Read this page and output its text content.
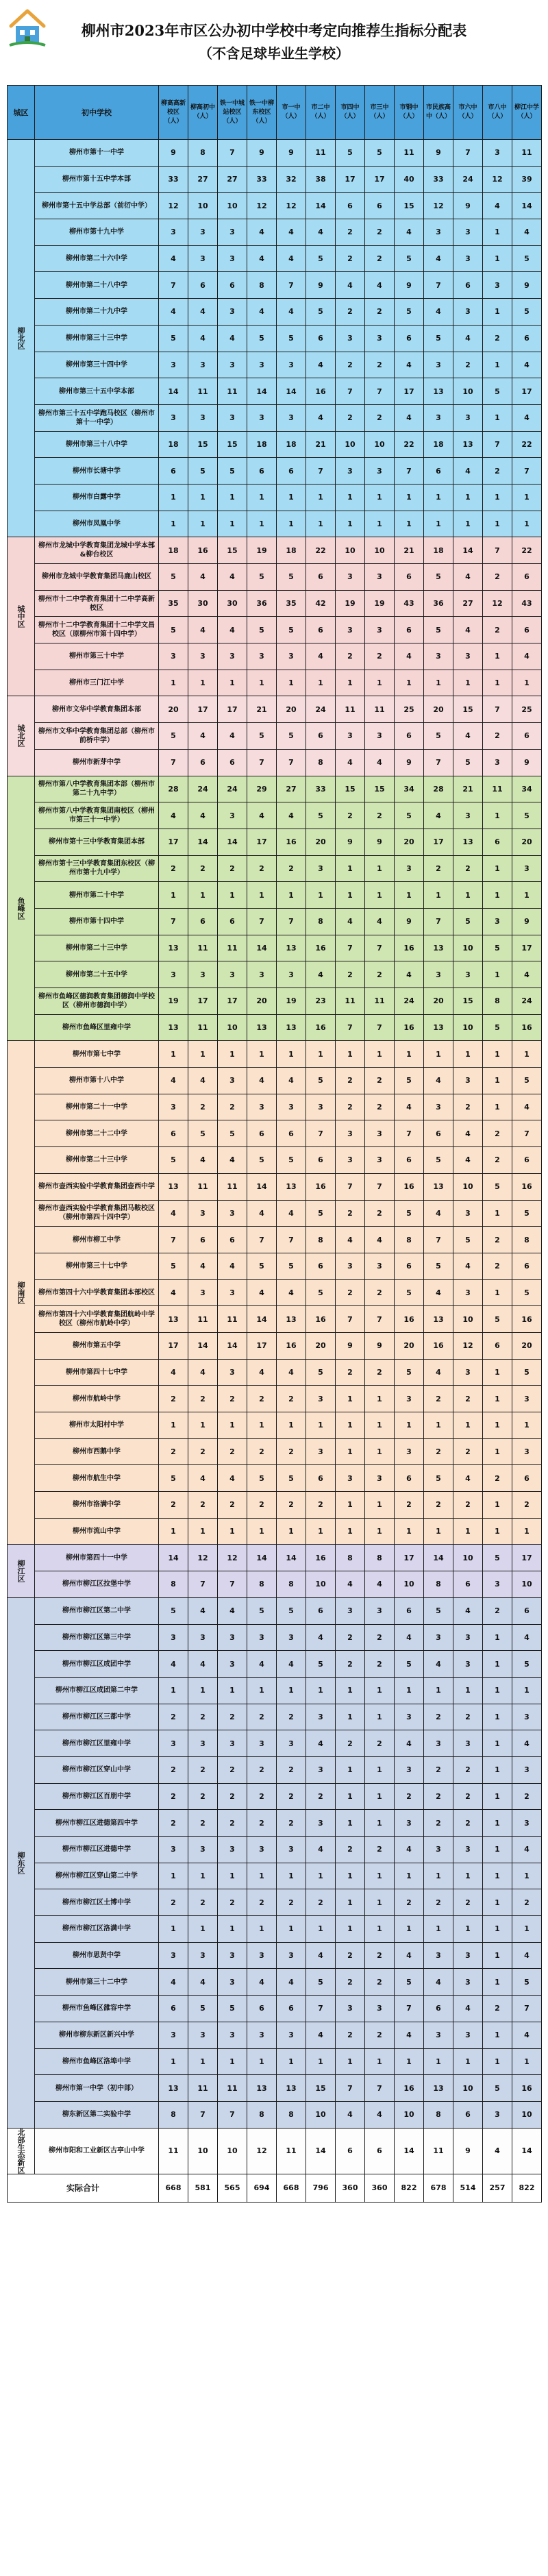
柳州市2023年市区公办初中学校中考定向推荐生指标分配表
（不含足球毕业生学校）
城区	初中学校	柳高高新校区（人）	柳高初中（人）	铁一中城站校区（人）	铁一中柳东校区（人）	市一中（人）	市二中（人）	市四中（人）	市三中（人）	市钢中（人）	市民族高中（人）	市六中（人）	市八中（人）	柳江中学（人）
柳北区	柳州市第十一中学	9	8	7	9	9	11	5	5	11	9	7	3	11
	柳州市第十五中学本部	33	27	27	33	32	38	17	17	40	33	24	12	39
	柳州市第十五中学总部（前衍中学）	12	10	10	12	12	14	6	6	15	12	9	4	14
	柳州市第十九中学	3	3	3	4	4	4	2	2	4	3	3	1	4
	柳州市第二十六中学	4	3	3	4	4	5	2	2	5	4	3	1	5
	柳州市第二十八中学	7	6	6	8	7	9	4	4	9	7	6	3	9
	柳州市第二十九中学	4	4	3	4	4	5	2	2	5	4	3	1	5
	柳州市第三十三中学	5	4	4	5	5	6	3	3	6	5	4	2	6
	柳州市第三十四中学	3	3	3	3	3	4	2	2	4	3	2	1	4
	柳州市第三十五中学本部	14	11	11	14	14	16	7	7	17	13	10	5	17
	柳州市第三十五中学跑马校区（柳州市第十一中学）	3	3	3	3	3	4	2	2	4	3	3	1	4
	柳州市第三十八中学	18	15	15	18	18	21	10	10	22	18	13	7	22
	柳州市长塘中学	6	5	5	6	6	7	3	3	7	6	4	2	7
	柳州市白露中学	1	1	1	1	1	1	1	1	1	1	1	1	1
	柳州市凤凰中学	1	1	1	1	1	1	1	1	1	1	1	1	1
城中区	柳州市龙城中学教育集团龙城中学本部&柳台校区	18	16	15	19	18	22	10	10	21	18	14	7	22
	柳州市龙城中学教育集团马鹿山校区	5	4	4	5	5	6	3	3	6	5	4	2	6
	柳州市十二中学教育集团十二中学高新校区	35	30	30	36	35	42	19	19	43	36	27	12	43
	柳州市十二中学教育集团十二中学文昌校区（原柳州市第十四中学）	5	4	4	5	5	6	3	3	6	5	4	2	6
	柳州市第三十中学	3	3	3	3	3	4	2	2	4	3	3	1	4
	柳州市三门江中学	1	1	1	1	1	1	1	1	1	1	1	1	1
城北区	柳州市文华中学教育集团本部	20	17	17	21	20	24	11	11	25	20	15	7	25
	柳州市文华中学教育集团总部（柳州市前桥中学）	5	4	4	5	5	6	3	3	6	5	4	2	6
	柳州市新芽中学	7	6	6	7	7	8	4	4	9	7	5	3	9
鱼峰区	柳州市第八中学教育集团本部（柳州市第二十九中学）	28	24	24	29	27	33	15	15	34	28	21	11	34
	柳州市第八中学教育集团南校区（柳州市第三十一中学）	4	4	3	4	4	5	2	2	5	4	3	1	5
	柳州市第十三中学教育集团本部	17	14	14	17	16	20	9	9	20	17	13	6	20
	柳州市第十三中学教育集团东校区（柳州市第十九中学）	2	2	2	2	2	3	1	1	3	2	2	1	3
	柳州市第二十中学	1	1	1	1	1	1	1	1	1	1	1	1	1
	柳州市第十四中学	7	6	6	7	7	8	4	4	9	7	5	3	9
	柳州市第二十三中学	13	11	11	14	13	16	7	7	16	13	10	5	17
	柳州市第二十五中学	3	3	3	3	3	4	2	2	4	3	3	1	4
	柳州市鱼峰区德润教育集团德润中学校区（柳州市德润中学）	19	17	17	20	19	23	11	11	24	20	15	8	24
	柳州市鱼峰区里雍中学	13	11	10	13	13	16	7	7	16	13	10	5	16
柳南区	柳州市第七中学	1	1	1	1	1	1	1	1	1	1	1	1	1
	柳州市第十八中学	4	4	3	4	4	5	2	2	5	4	3	1	5
	柳州市第二十一中学	3	2	2	3	3	3	2	2	4	3	2	1	4
	柳州市第二十二中学	6	5	5	6	6	7	3	3	7	6	4	2	7
	柳州市第二十三中学	5	4	4	5	5	6	3	3	6	5	4	2	6
	柳州市壶西实验中学教育集团壶西中学	13	11	11	14	13	16	7	7	16	13	10	5	16
	柳州市壶西实验中学教育集团马鞍校区（柳州市第四十四中学）	4	3	3	4	4	5	2	2	5	4	3	1	5
	柳州市柳工中学	7	6	6	7	7	8	4	4	8	7	5	2	8
	柳州市第三十七中学	5	4	4	5	5	6	3	3	6	5	4	2	6
	柳州市第四十六中学教育集团本部校区	4	3	3	4	4	5	2	2	5	4	3	1	5
	柳州市第四十六中学教育集团航岭中学校区（柳州市航岭中学）	13	11	11	14	13	16	7	7	16	13	10	5	16
	柳州市第五中学	17	14	14	17	16	20	9	9	20	16	12	6	20
	柳州市第四十七中学	4	4	3	4	4	5	2	2	5	4	3	1	5
	柳州市航岭中学	2	2	2	2	2	3	1	1	3	2	2	1	3
	柳州市太阳村中学	1	1	1	1	1	1	1	1	1	1	1	1	1
	柳州市西鹅中学	2	2	2	2	2	3	1	1	3	2	2	1	3
	柳州市航生中学	5	4	4	5	5	6	3	3	6	5	4	2	6
	柳州市洛满中学	2	2	2	2	2	2	1	1	2	2	2	1	2
	柳州市流山中学	1	1	1	1	1	1	1	1	1	1	1	1	1
柳江区	柳州市第四十一中学	14	12	12	14	14	16	8	8	17	14	10	5	17
	柳州市柳江区拉堡中学	8	7	7	8	8	10	4	4	10	8	6	3	10
柳东区	柳州市柳江区第二中学	5	4	4	5	5	6	3	3	6	5	4	2	6
	柳州市柳江区第三中学	3	3	3	3	3	4	2	2	4	3	3	1	4
	柳州市柳江区成团中学	4	4	3	4	4	5	2	2	5	4	3	1	5
	柳州市柳江区成团第二中学	1	1	1	1	1	1	1	1	1	1	1	1	1
	柳州市柳江区三都中学	2	2	2	2	2	3	1	1	3	2	2	1	3
	柳州市柳江区里雍中学	3	3	3	3	3	4	2	2	4	3	3	1	4
	柳州市柳江区穿山中学	2	2	2	2	2	3	1	1	3	2	2	1	3
	柳州市柳江区百朋中学	2	2	2	2	2	2	1	1	2	2	2	1	2
	柳州市柳江区进德第四中学	2	2	2	2	2	3	1	1	3	2	2	1	3
	柳州市柳江区进德中学	3	3	3	3	3	4	2	2	4	3	3	1	4
	柳州市柳江区穿山第二中学	1	1	1	1	1	1	1	1	1	1	1	1	1
	柳州市柳江区土博中学	2	2	2	2	2	2	1	1	2	2	2	1	2
	柳州市柳江区洛满中学	1	1	1	1	1	1	1	1	1	1	1	1	1
	柳州市思贤中学	3	3	3	3	3	4	2	2	4	3	3	1	4
	柳州市第三十二中学	4	4	3	4	4	5	2	2	5	4	3	1	5
	柳州市鱼峰区雒容中学	6	5	5	6	6	7	3	3	7	6	4	2	7
	柳州市柳东新区新兴中学	3	3	3	3	3	4	2	2	4	3	3	1	4
	柳州市鱼峰区洛埠中学	1	1	1	1	1	1	1	1	1	1	1	1	1
	柳州市第一中学（初中部）	13	11	11	13	13	15	7	7	16	13	10	5	16
	柳东新区第二实验中学	8	7	7	8	8	10	4	4	10	8	6	3	10
北部生态新区	柳州市阳和工业新区古亭山中学	11	10	10	12	11	14	6	6	14	11	9	4	14
实际合计		668	581	565	694	668	796	360	360	822	678	514	257	822
